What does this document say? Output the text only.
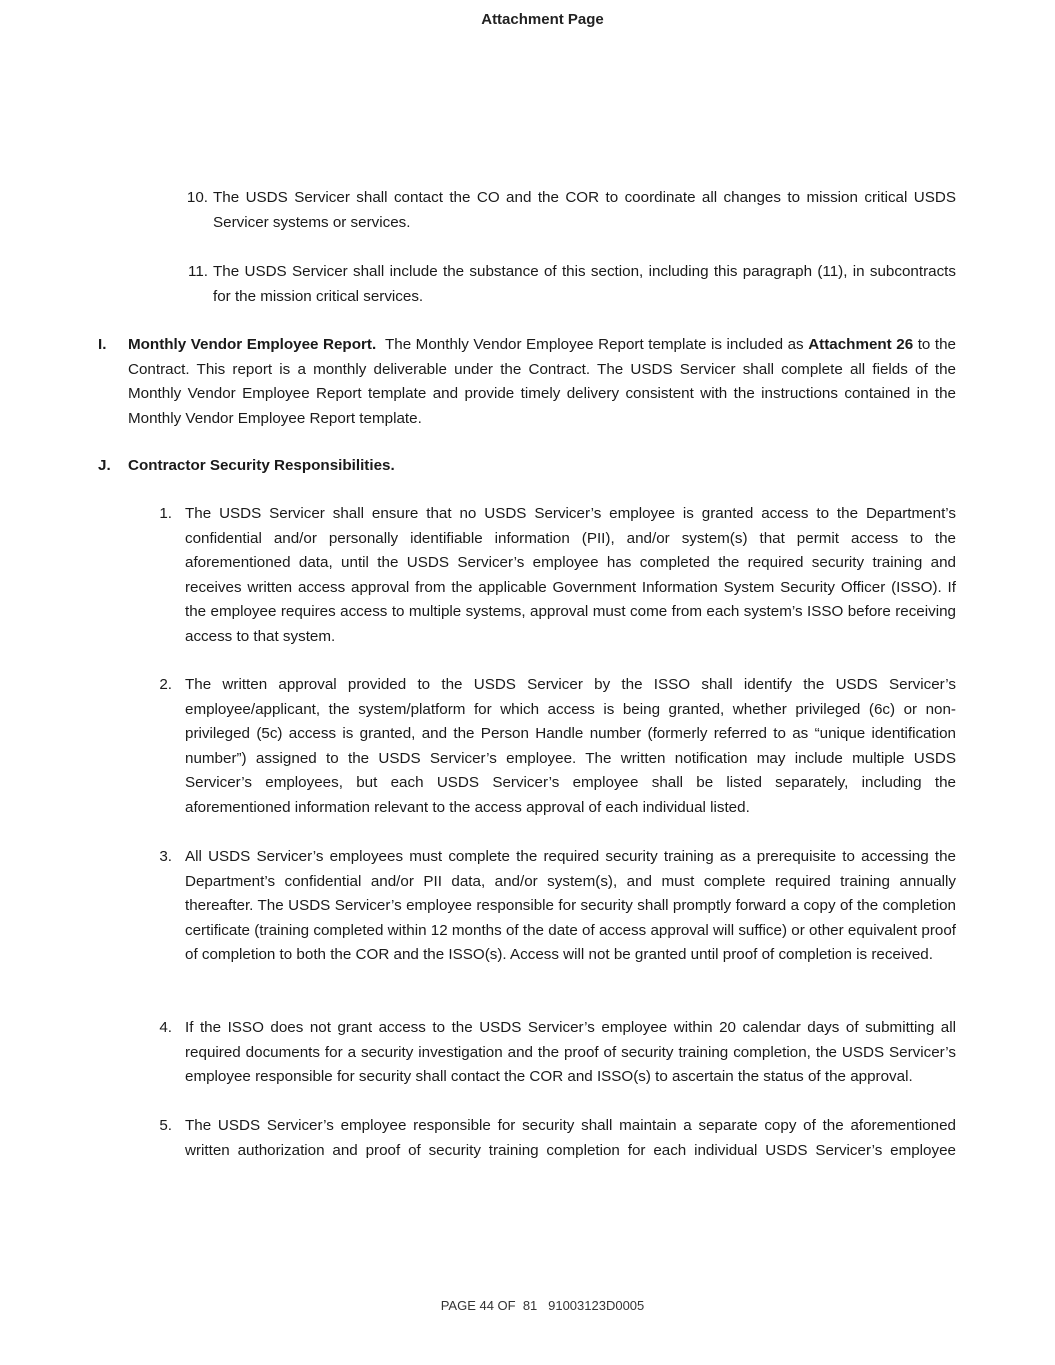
Attachment Page
10. The USDS Servicer shall contact the CO and the COR to coordinate all changes to mission critical USDS Servicer systems or services.
11. The USDS Servicer shall include the substance of this section, including this paragraph (11), in subcontracts for the mission critical services.
I. Monthly Vendor Employee Report. The Monthly Vendor Employee Report template is included as Attachment 26 to the Contract. This report is a monthly deliverable under the Contract. The USDS Servicer shall complete all fields of the Monthly Vendor Employee Report template and provide timely delivery consistent with the instructions contained in the Monthly Vendor Employee Report template.
J. Contractor Security Responsibilities.
1. The USDS Servicer shall ensure that no USDS Servicer’s employee is granted access to the Department’s confidential and/or personally identifiable information (PII), and/or system(s) that permit access to the aforementioned data, until the USDS Servicer’s employee has completed the required security training and receives written access approval from the applicable Government Information System Security Officer (ISSO). If the employee requires access to multiple systems, approval must come from each system’s ISSO before receiving access to that system.
2. The written approval provided to the USDS Servicer by the ISSO shall identify the USDS Servicer’s employee/applicant, the system/platform for which access is being granted, whether privileged (6c) or non-privileged (5c) access is granted, and the Person Handle number (formerly referred to as “unique identification number”) assigned to the USDS Servicer’s employee. The written notification may include multiple USDS Servicer’s employees, but each USDS Servicer’s employee shall be listed separately, including the aforementioned information relevant to the access approval of each individual listed.
3. All USDS Servicer’s employees must complete the required security training as a prerequisite to accessing the Department’s confidential and/or PII data, and/or system(s), and must complete required training annually thereafter. The USDS Servicer’s employee responsible for security shall promptly forward a copy of the completion certificate (training completed within 12 months of the date of access approval will suffice) or other equivalent proof of completion to both the COR and the ISSO(s). Access will not be granted until proof of completion is received.
4. If the ISSO does not grant access to the USDS Servicer’s employee within 20 calendar days of submitting all required documents for a security investigation and the proof of security training completion, the USDS Servicer’s employee responsible for security shall contact the COR and ISSO(s) to ascertain the status of the approval.
5. The USDS Servicer’s employee responsible for security shall maintain a separate copy of the aforementioned written authorization and proof of security training completion for each individual USDS Servicer’s employee
PAGE 44 OF  81   91003123D0005
